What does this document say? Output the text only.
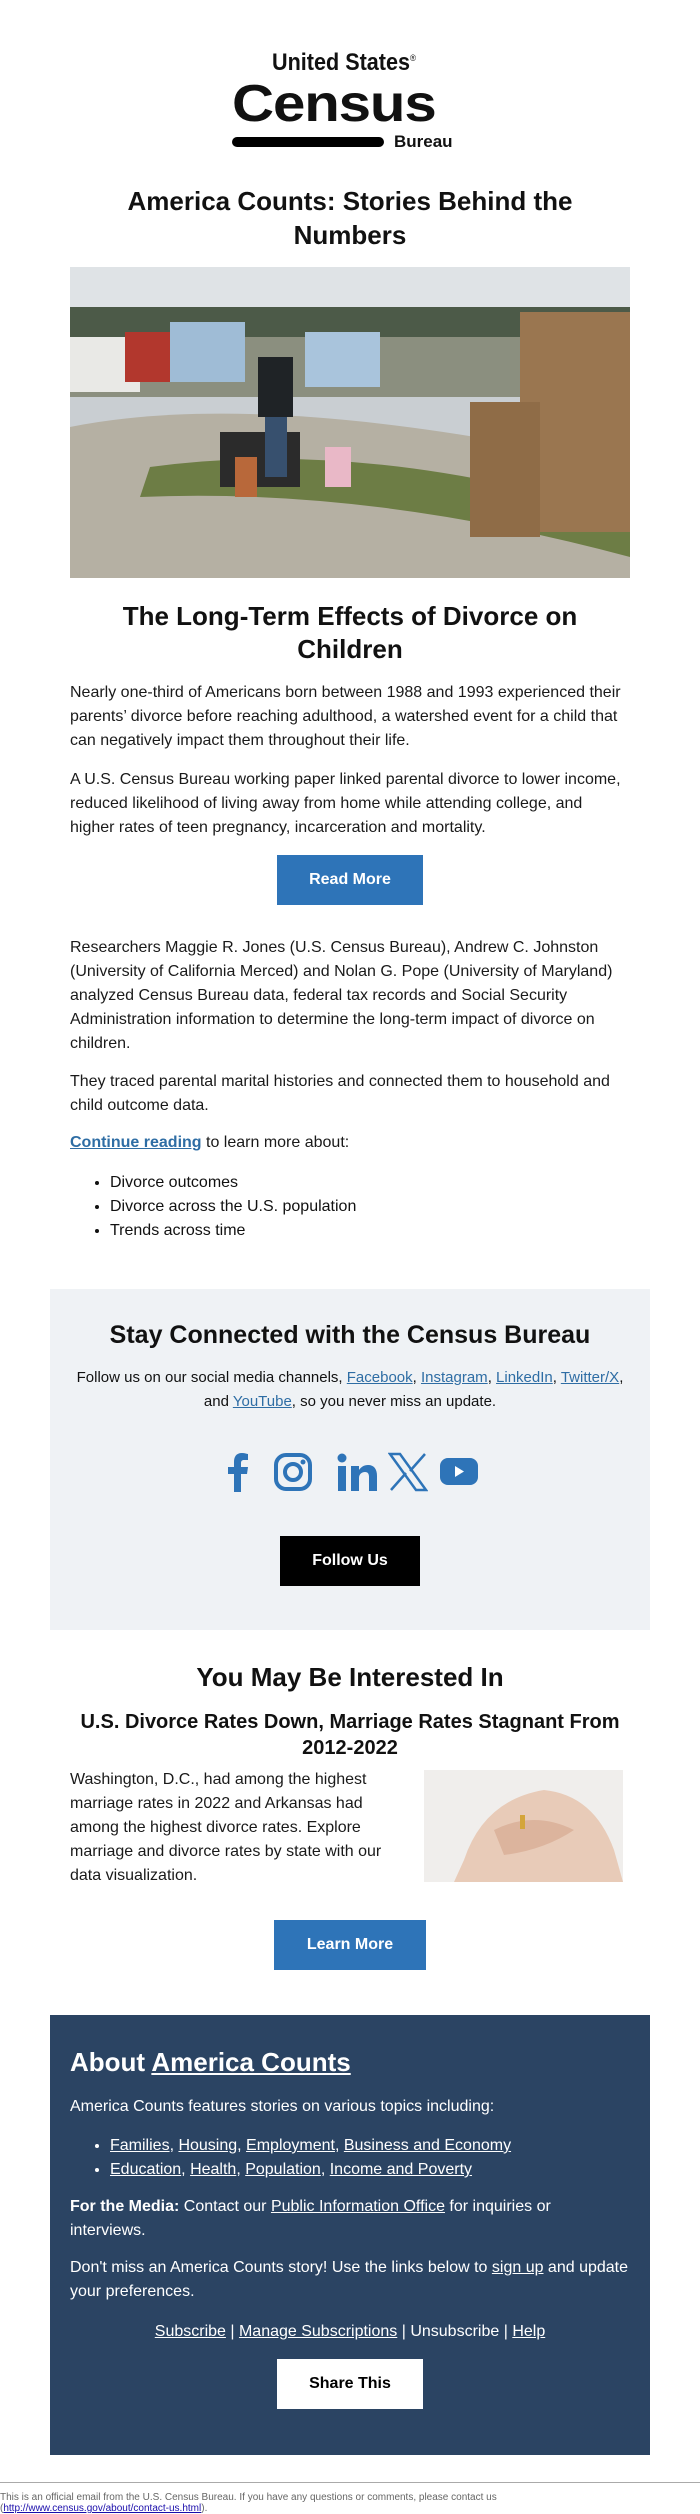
United States®
Census
Bureau
America Counts: Stories Behind the Numbers
The Long-Term Effects of Divorce on Children

Nearly one-third of Americans born between 1988 and 1993 experienced their parents’ divorce before reaching adulthood, a watershed event for a child that can negatively impact them throughout their life.

A U.S. Census Bureau working paper linked parental divorce to lower income, reduced likelihood of living away from home while attending college, and higher rates of teen pregnancy, incarceration and mortality.

Read More

Researchers Maggie R. Jones (U.S. Census Bureau), Andrew C. Johnston (University of California Merced) and Nolan G. Pope (University of Maryland) analyzed Census Bureau data, federal tax records and Social Security Administration information to determine the long-term impact of divorce on children.

They traced parental marital histories and connected them to household and child outcome data.

Continue reading to learn more about:

• Divorce outcomes
• Divorce across the U.S. population
• Trends across time
Stay Connected with the Census Bureau

Follow us on our social media channels, Facebook, Instagram, LinkedIn, Twitter/X, and YouTube, so you never miss an update.

Follow Us
You May Be Interested In
U.S. Divorce Rates Down, Marriage Rates Stagnant From 2012-2022

Washington, D.C., had among the highest marriage rates in 2022 and Arkansas had among the highest divorce rates. Explore marriage and divorce rates by state with our data visualization.

Learn More
About America Counts

America Counts features stories on various topics including:

• Families, Housing, Employment, Business and Economy
• Education, Health, Population, Income and Poverty

For the Media: Contact our Public Information Office for inquiries or interviews.

Don't miss an America Counts story! Use the links below to sign up and update your preferences.

Subscribe | Manage Subscriptions | Unsubscribe | Help

Share This
This is an official email from the U.S. Census Bureau. If you have any questions or comments, please contact us
(http://www.census.gov/about/contact-us.html).
